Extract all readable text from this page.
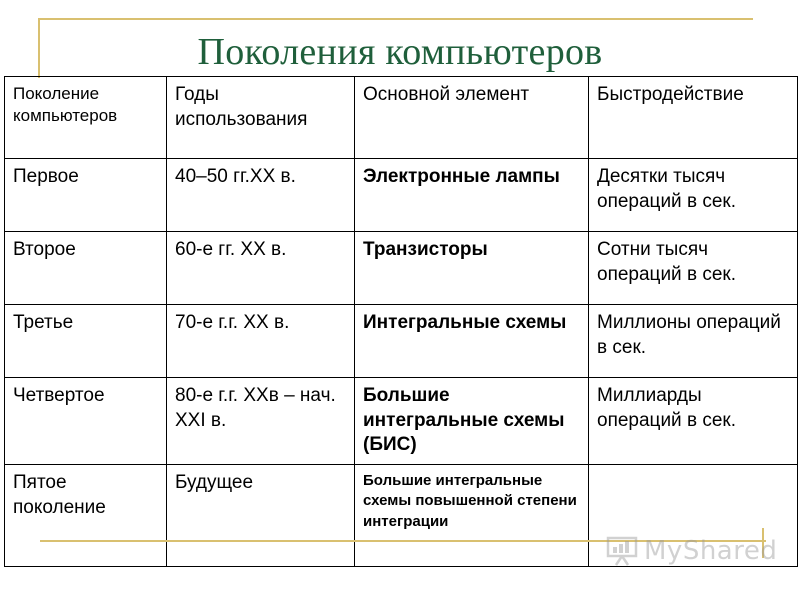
Поколения компьютеров
Поколение компьютеров	Годы использования	Основной элемент	Быстродействие
Первое	40–50 гг.XX в.	Электронные лампы	Десятки тысяч операций в сек.
Второе	60-е гг. XX в.	Транзисторы	Сотни тысяч операций в сек.
Третье	70-е г.г. XX в.	Интегральные схемы	Миллионы операций в сек.
Четвертое	80-е г.г. XXв – нач. XXI в.	Большие интегральные схемы (БИС)	Миллиарды операций в сек.
Пятое поколение	Будущее	Большие интегральные схемы повышенной степени интеграции	
MyShared
